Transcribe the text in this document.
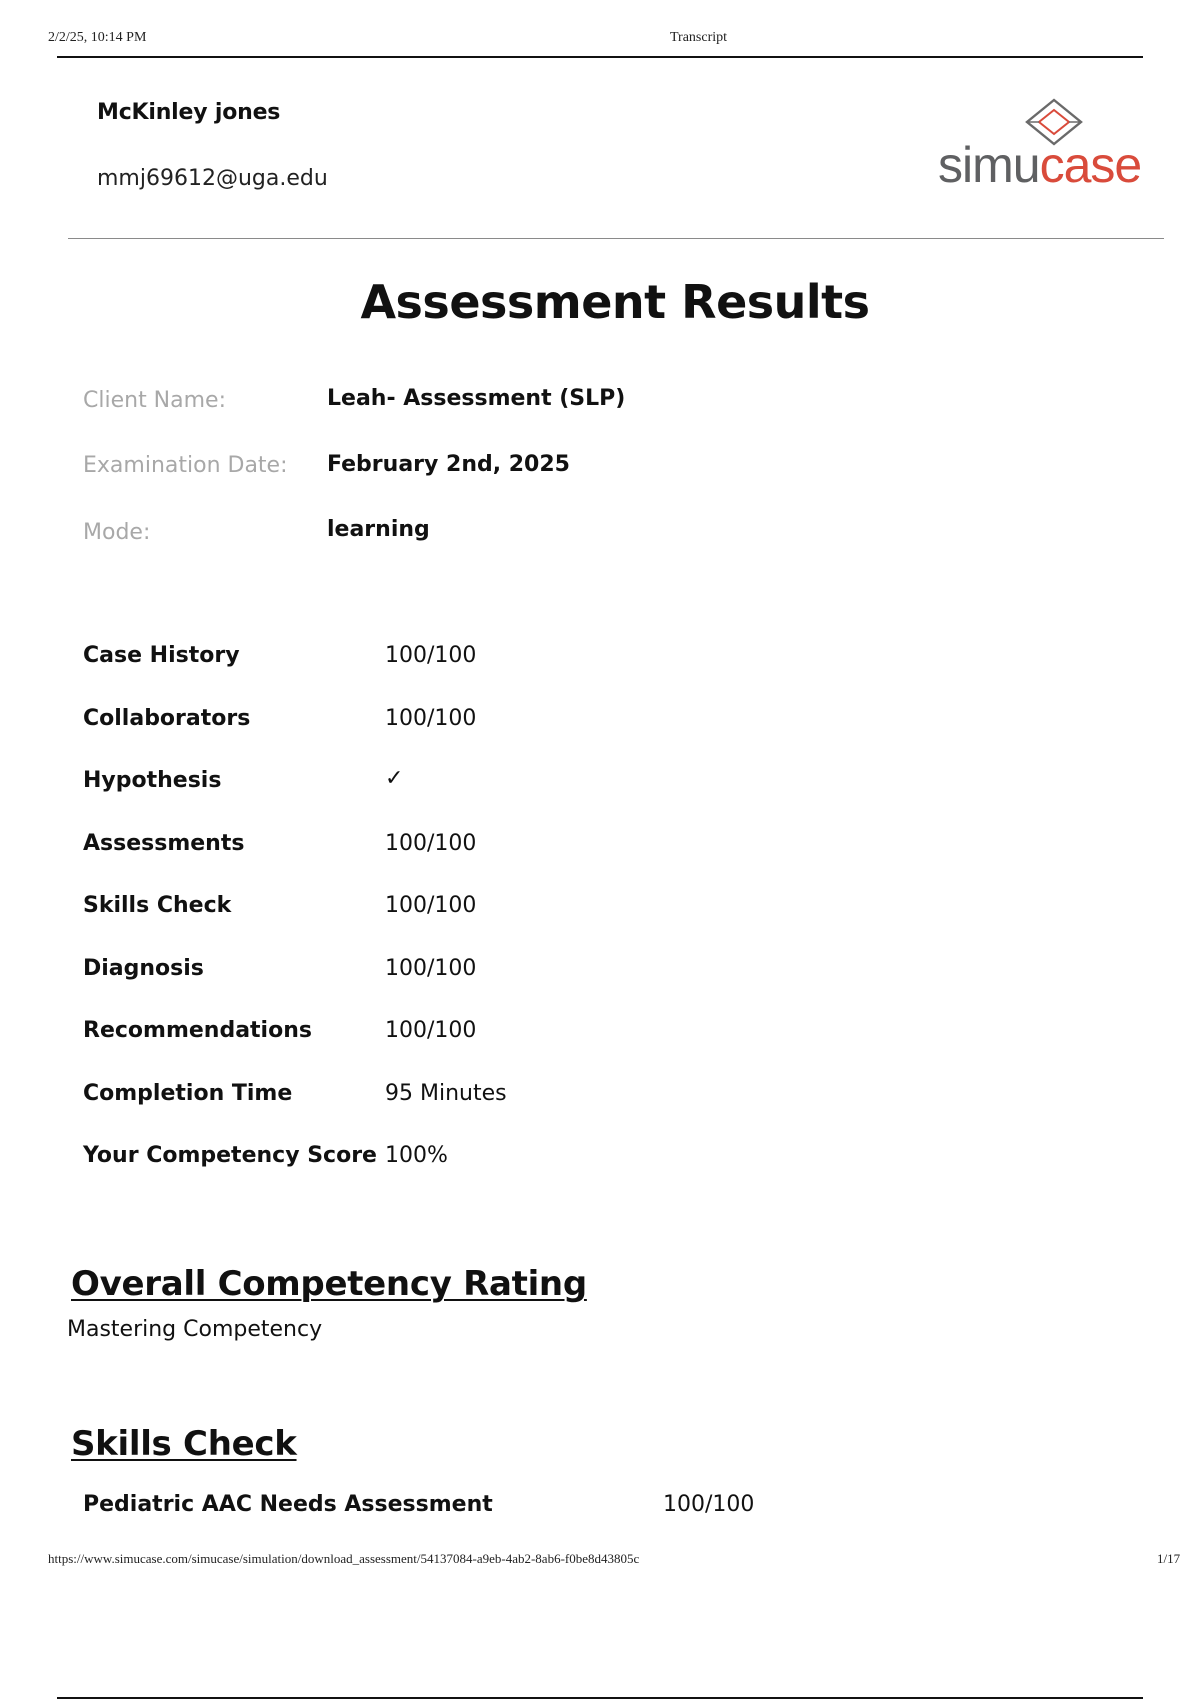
2/2/25, 10:14 PM	Transcript
McKinley jones
mmj69612@uga.edu	simucase
Assessment Results
Client Name:	Leah- Assessment (SLP)
Examination Date: February 2nd, 2025
Mode:	learning
Case History	100/100
Collaborators	100/100
Hypothesis	✓
Assessments	100/100
Skills Check	100/100
Diagnosis	100/100
Recommendations	100/100
Completion Time	95 Minutes
Your Competency Score 100%
Overall Competency Rating
Mastering Competency
Skills Check
Pediatric AAC Needs Assessment	100/100
https://www.simucase.com/simucase/simulation/download_assessment/54137084-a9eb-4ab2-8ab6-f0be8d43805c	1/17
